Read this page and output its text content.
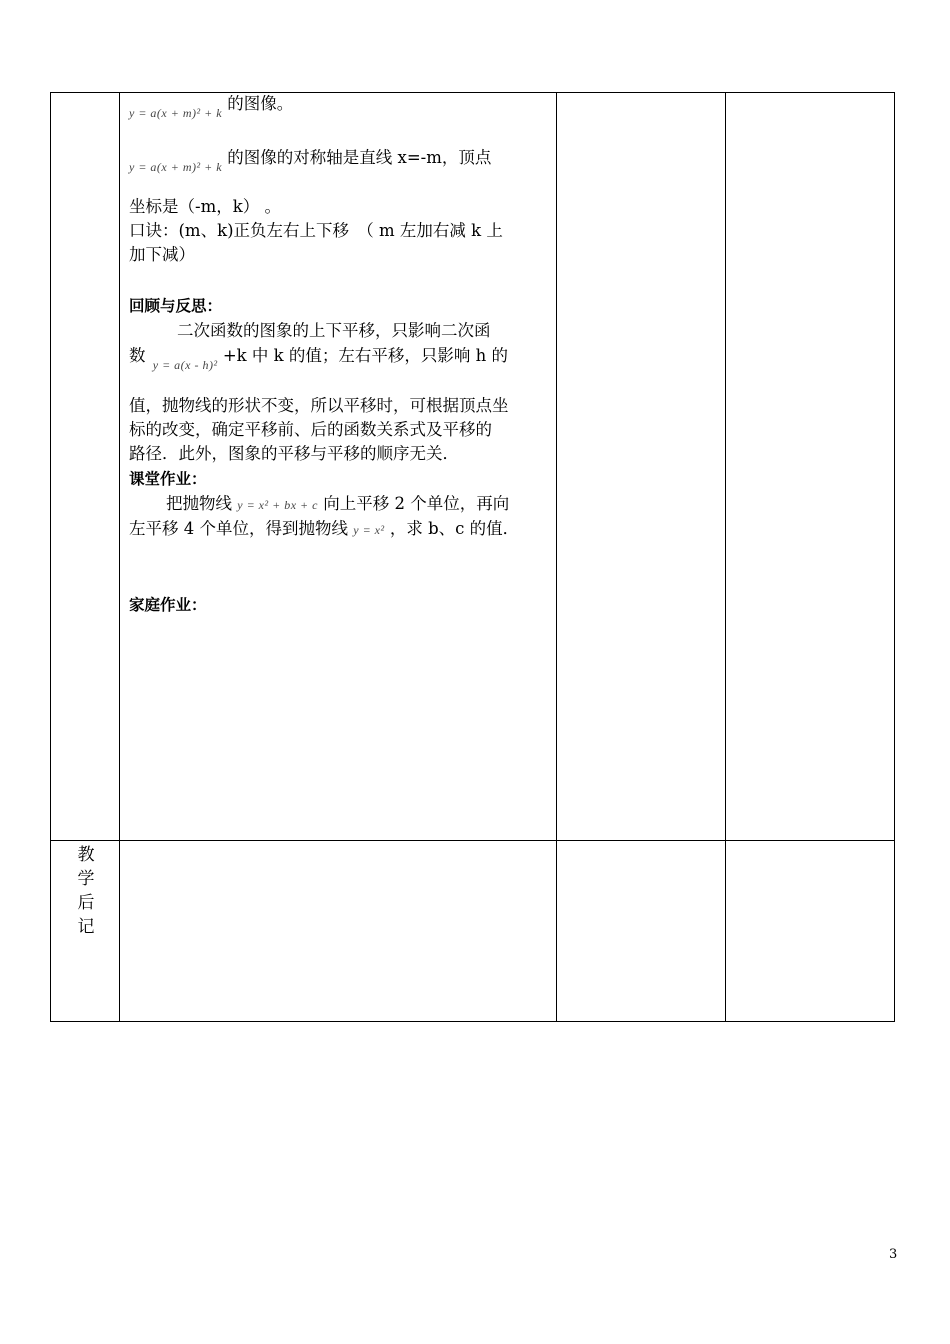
$_{y = a(x + m)^2 + k}$ 的图像。
$_{y = a(x + m)^2 + k}$ 的图像的对称轴是直线 x=-m，顶点
坐标是（-m，k） 。
口诀：(m、k)正负左右上下移　（ m 左加右减 k 上
加下减）
回顾与反思：
二次函数的图象的上下平移，只影响二次函
数 $_{y = a(x - h)^2}$ +k 中 k 的值；左右平移，只影响 h 的
值，抛物线的形状不变，所以平移时，可根据顶点坐
标的改变，确定平移前、后的函数关系式及平移的
路径．此外，图象的平移与平移的顺序无关．
课堂作业：
把抛物线 y = x² + bx + c 向上平移 2 个单位，再向
左平移 4 个单位，得到抛物线 y = x² ，求 b、c 的值．
家庭作业：
教
学
后
记
3
